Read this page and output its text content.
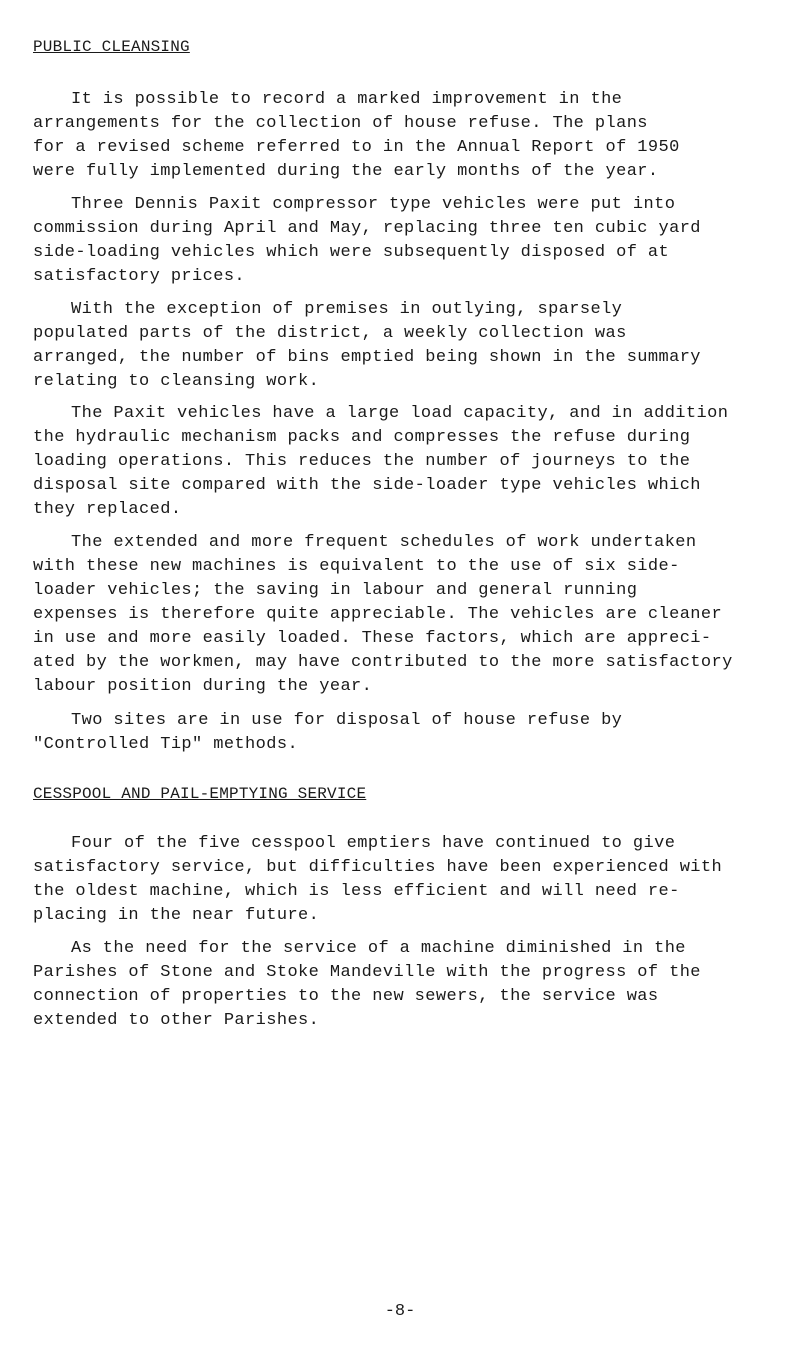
PUBLIC CLEANSING

It is possible to record a marked improvement in the
arrangements for the collection of house refuse. The plans
for a revised scheme referred to in the Annual Report of 1950
were fully implemented during the early months of the year.

Three Dennis Paxit compressor type vehicles were put into
commission during April and May, replacing three ten cubic yard
side-loading vehicles which were subsequently disposed of at
satisfactory prices.

With the exception of premises in outlying, sparsely
populated parts of the district, a weekly collection was
arranged, the number of bins emptied being shown in the summary
relating to cleansing work.

The Paxit vehicles have a large load capacity, and in addition
the hydraulic mechanism packs and compresses the refuse during
loading operations. This reduces the number of journeys to the
disposal site compared with the side-loader type vehicles which
they replaced.

The extended and more frequent schedules of work undertaken
with these new machines is equivalent to the use of six side-
loader vehicles; the saving in labour and general running
expenses is therefore quite appreciable. The vehicles are cleaner
in use and more easily loaded. These factors, which are appreci-
ated by the workmen, may have contributed to the more satisfactory
labour position during the year.

Two sites are in use for disposal of house refuse by
"Controlled Tip" methods.

CESSPOOL AND PAIL-EMPTYING SERVICE

Four of the five cesspool emptiers have continued to give
satisfactory service, but difficulties have been experienced with
the oldest machine, which is less efficient and will need re-
placing in the near future.

As the need for the service of a machine diminished in the
Parishes of Stone and Stoke Mandeville with the progress of the
connection of properties to the new sewers, the service was
extended to other Parishes.

-8-
